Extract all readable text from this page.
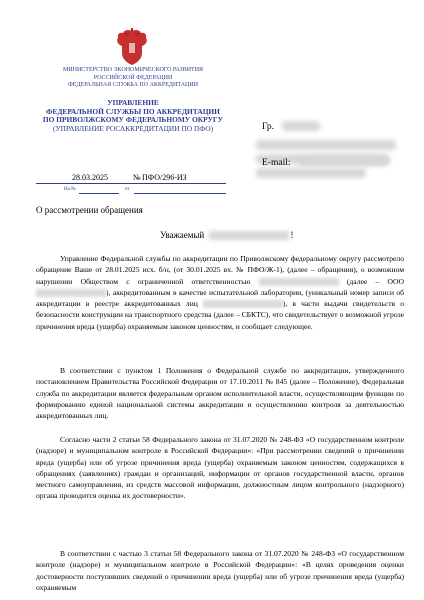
МИНИСТЕРСТВО ЭКОНОМИЧЕСКОГО РАЗВИТИЯ
РОССИЙСКОЙ ФЕДЕРАЦИИ
ФЕДЕРАЛЬНАЯ СЛУЖБА ПО АККРЕДИТАЦИИ
УПРАВЛЕНИЕ
ФЕДЕРАЛЬНОЙ СЛУЖБЫ ПО АККРЕДИТАЦИИ
ПО ПРИВОЛЖСКОМУ ФЕДЕРАЛЬНОМУ ОКРУГУ
(УПРАВЛЕНИЕ РОСАККРЕДИТАЦИИ ПО ПФО)	Гр.
E-mail:
28.03.2025	№ ПФО/296-ИЗ
На №	от
О рассмотрении обращения
Уважаемый	!
Управление Федеральной службы по аккредитации по Приволжскому федеральному округу рассмотрело обращение Ваше от 28.01.2025 исх. б/н, (от 30.01.2025 вх. № ПФО/Ж-1), (далее – обращения), о возможном нарушении Обществом с ограниченной ответственностью	(далее – ООО ), аккредитованным в качестве испытательной лаборатории, (уникальный номер записи об аккредитации в реестре аккредитованных лиц	), в части выдачи свидетельств о безопасности конструкции на транспортного средства (далее – СБКТС), что свидетельствует о возможной угрозе причинения вреда (ущерба) охраняемым законом ценностям, и сообщает следующее.
В соответствии с пунктом 1 Положения о Федеральной службе по аккредитации, утвержденного постановлением Правительства Российской Федерации от 17.10.2011 № 845 (далее – Положение), Федеральная служба по аккредитации является федеральным органом исполнительной власти, осуществляющим функции по формированию единой национальной системы аккредитации и осуществлению контроля за деятельностью аккредитованных лиц.
Согласно части 2 статьи 58 Федерального закона от 31.07.2020 № 248-ФЗ «О государственном контроле (надзоре) и муниципальном контроле в Российской Федерации»: «При рассмотрении сведений о причинении вреда (ущерба) или об угрозе причинения вреда (ущерба) охраняемым законом ценностям, содержащихся в обращениях (заявлениях) граждан и организаций, информации от органов государственной власти, органов местного самоуправления, из средств массовой информации, должностным лицом контрольного (надзорного) органа проводится оценка их достоверности».
В соответствии с частью 3 статьи 58 Федерального закона от 31.07.2020 № 248-ФЗ «О государственном контроле (надзоре) и муниципальном контроле в Российской Федерации»: «В целях проведения оценки достоверности поступивших сведений о причинении вреда (ущерба) или об угрозе причинения вреда (ущерба) охраняемым
